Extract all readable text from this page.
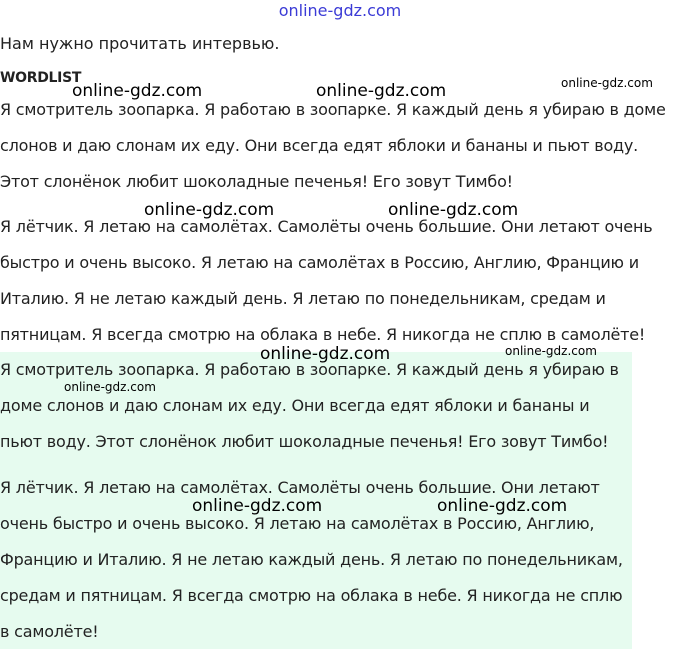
online-gdz.com
Нам нужно прочитать интервью.
WORDLIST

Я смотритель зоопарка. Я работаю в зоопарке. Я каждый день я убираю в доме слонов и даю слонам их еду. Они всегда едят яблоки и бананы и пьют воду. Этот слонёнок любит шоколадные печенья! Его зовут Тимбо!

Я лётчик. Я летаю на самолётах. Самолёты очень большие. Они летают очень быстро и очень высоко. Я летаю на самолётах в Россию, Англию, Францию и Италию. Я не летаю каждый день. Я летаю по понедельникам, средам и пятницам. Я всегда смотрю на облака в небе. Я никогда не сплю в самолёте!

Я смотритель зоопарка. Я работаю в зоопарке. Я каждый день я убираю в доме слонов и даю слонам их еду. Они всегда едят яблоки и бананы и пьют воду. Этот слонёнок любит шоколадные печенья! Его зовут Тимбо!

Я лётчик. Я летаю на самолётах. Самолёты очень большие. Они летают очень быстро и очень высоко. Я летаю на самолётах в Россию, Англию, Францию и Италию. Я не летаю каждый день. Я летаю по понедельникам, средам и пятницам. Я всегда смотрю на облака в небе. Я никогда не сплю в самолёте!

online-gdz.com	online-gdz.com	online-gdz.com
online-gdz.com	online-gdz.com
online-gdz.com	online-gdz.com
online-gdz.com
online-gdz.com	online-gdz.com
